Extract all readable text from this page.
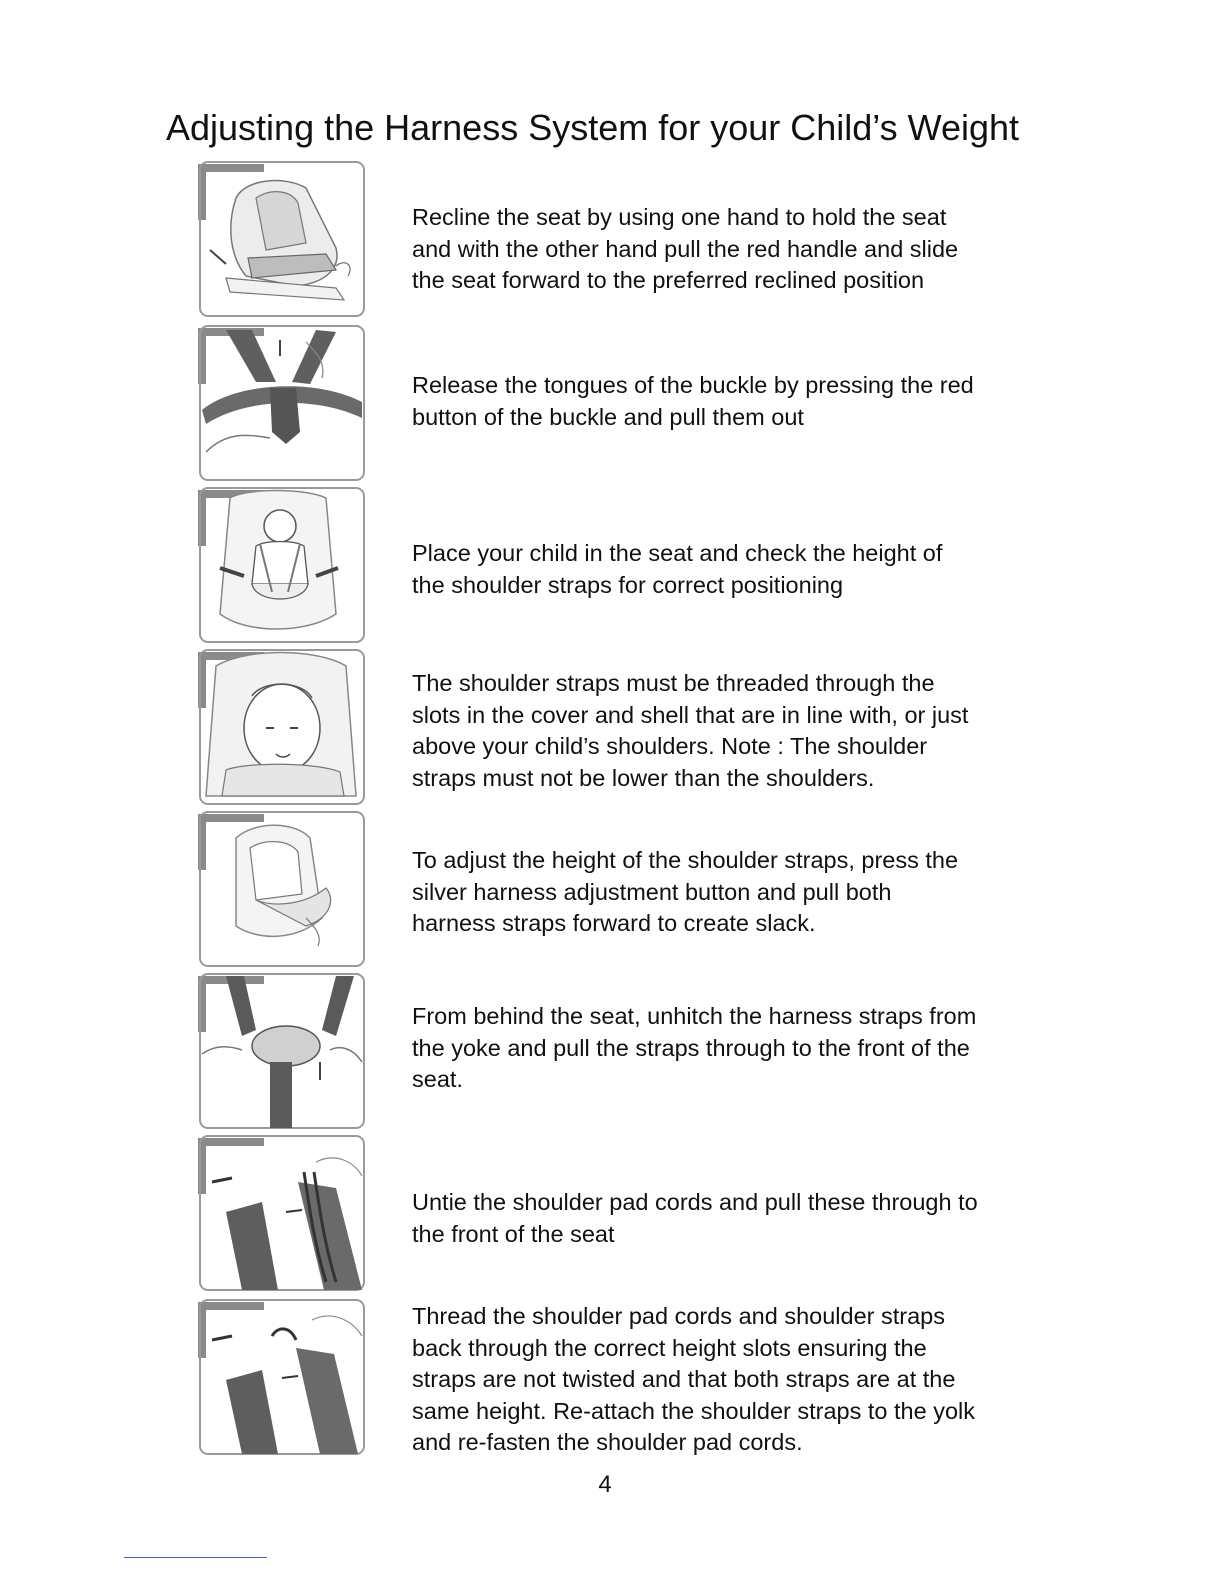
Adjusting the Harness System for your Child’s Weight
Recline the seat by using one hand to hold the seat
and with the other hand pull the red handle and slide
the seat forward to the preferred reclined position
Release the tongues of the buckle by pressing the red
button of the buckle and pull them out
Place your child in the seat and check the height of
the shoulder straps for correct positioning
The shoulder straps must be threaded through the
slots in the cover and shell that are in line with, or just
above your child’s shoulders. Note : The shoulder
straps must not be lower than the shoulders.
To adjust the height of the shoulder straps, press the
silver harness adjustment button and pull both
harness straps forward to create slack.
From behind the seat, unhitch the harness straps from
the yoke and pull the straps through to the front of the
seat.
Untie the shoulder pad cords and pull these through to
the front of the seat
Thread the shoulder pad cords and shoulder straps
back through the correct height slots ensuring the
straps are not twisted and that both straps are at the
same height. Re-attach the shoulder straps to the yolk
and re-fasten the shoulder pad cords.
4
